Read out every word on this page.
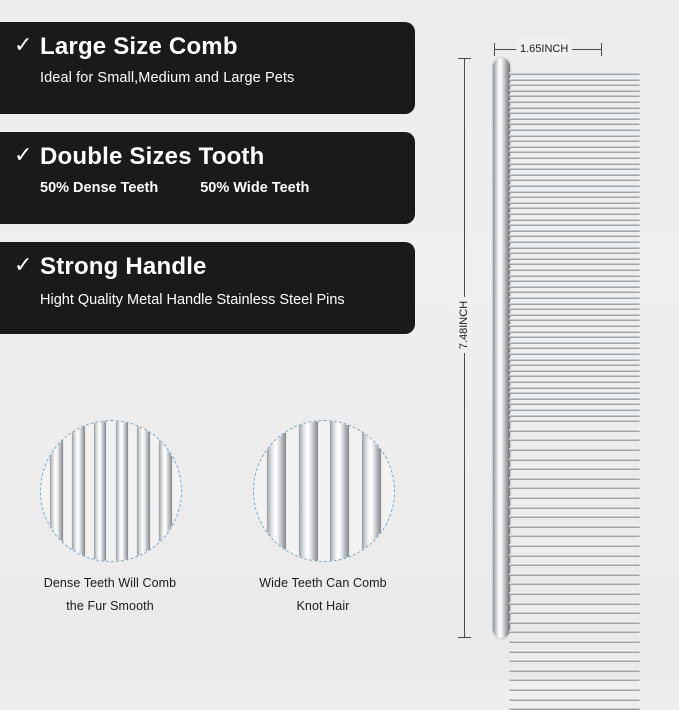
✓ Large Size Comb
Ideal for Small,Medium and Large Pets
✓ Double Sizes Tooth
50% Dense Teeth	50% Wide Teeth
✓ Strong Handle
Hight Quality Metal Handle Stainless Steel Pins
Dense Teeth Will Comb
the Fur Smooth
Wide Teeth Can Comb
Knot Hair
1.65INCH
7.48INCH
